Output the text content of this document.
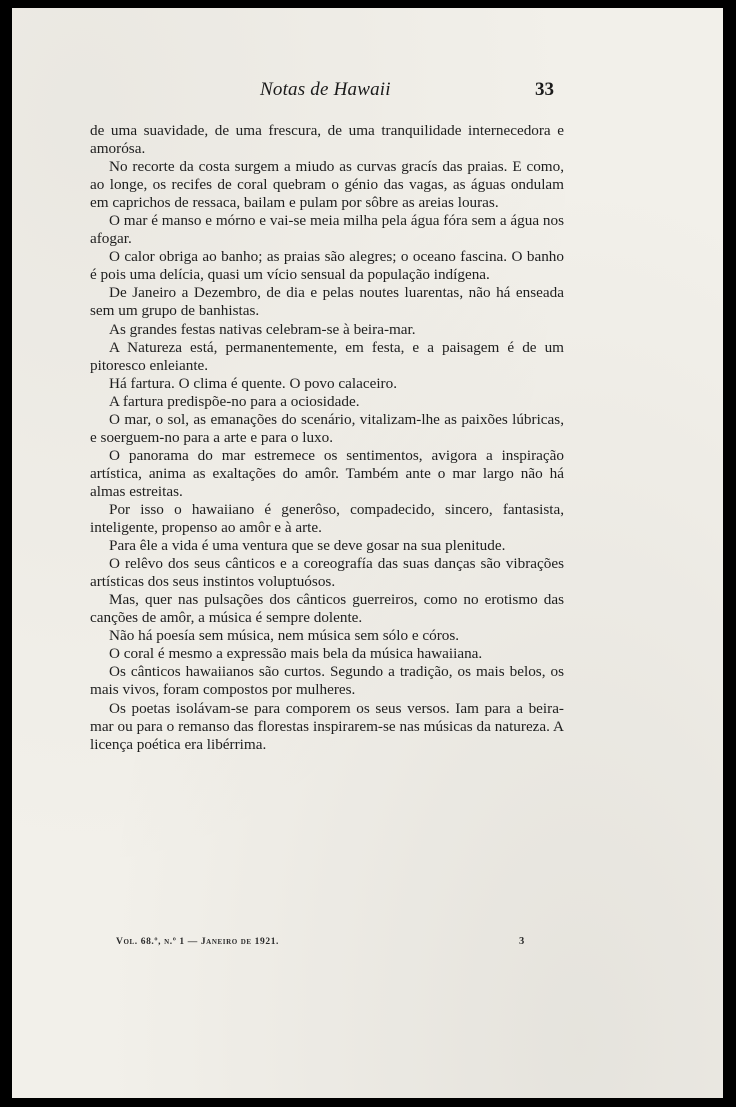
Notas de Hawaii	33

de uma suavidade, de uma frescura, de uma tranquilidade internecedora e amorósa.

No recorte da costa surgem a miudo as curvas gracís das praias. E como, ao longe, os recifes de coral quebram o génio das vagas, as águas ondulam em caprichos de ressaca, bailam e pulam por sôbre as areias louras.

O mar é manso e mórno e vai-se meia milha pela água fóra sem a água nos afogar.

O calor obriga ao banho; as praias são alegres; o oceano fascina. O banho é pois uma delícia, quasi um vício sensual da população indígena.

De Janeiro a Dezembro, de dia e pelas noutes luarentas, não há enseada sem um grupo de banhistas.

As grandes festas nativas celebram-se à beira-mar.

A Natureza está, permanentemente, em festa, e a paisagem é de um pitoresco enleiante.

Há fartura. O clima é quente. O povo calaceiro.

A fartura predispõe-no para a ociosidade.

O mar, o sol, as emanações do scenário, vitalizam-lhe as paixões lúbricas, e soerguem-no para a arte e para o luxo.

O panorama do mar estremece os sentimentos, avigora a inspiração artística, anima as exaltações do amôr. Também ante o mar largo não há almas estreitas.

Por isso o hawaiiano é generôso, compadecido, sincero, fantasista, inteligente, propenso ao amôr e à arte.

Para êle a vida é uma ventura que se deve gosar na sua plenitude.

O relêvo dos seus cânticos e a coreografía das suas danças são vibrações artísticas dos seus instintos voluptuósos.

Mas, quer nas pulsações dos cânticos guerreiros, como no erotismo das canções de amôr, a música é sempre dolente.

Não há poesía sem música, nem música sem sólo e córos.

O coral é mesmo a expressão mais bela da música hawaiiana.

Os cânticos hawaiianos são curtos. Segundo a tradição, os mais belos, os mais vivos, foram compostos por mulheres.

Os poetas isolávam-se para comporem os seus versos. Iam para a beira-mar ou para o remanso das florestas inspirarem-se nas músicas da natureza. A licença poética era libérrima.

Vol. 68.º, n.º 1 — Janeiro de 1921.	3
